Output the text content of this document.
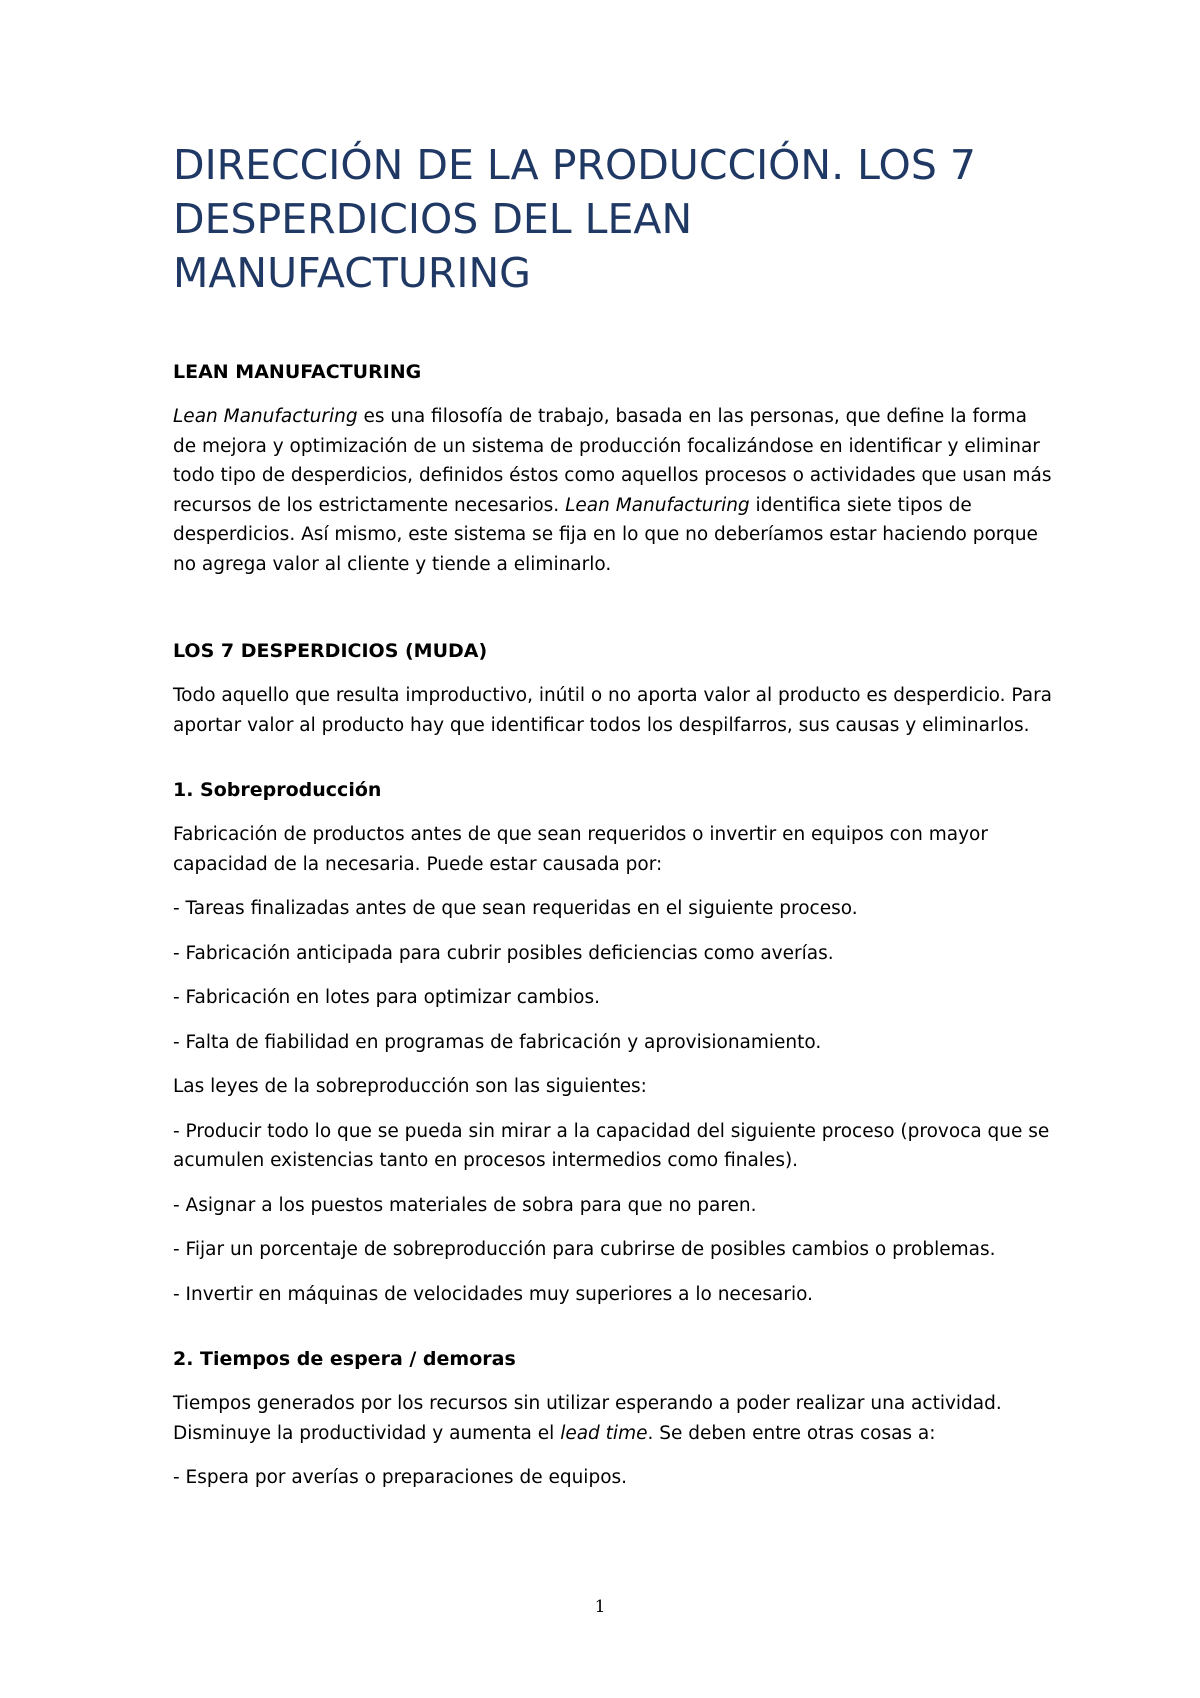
DIRECCIÓN DE LA PRODUCCIÓN. LOS 7
DESPERDICIOS DEL LEAN
MANUFACTURING
LEAN MANUFACTURING

Lean Manufacturing es una filosofía de trabajo, basada en las personas, que define la forma de mejora y optimización de un sistema de producción focalizándose en identificar y eliminar todo tipo de desperdicios, definidos éstos como aquellos procesos o actividades que usan más recursos de los estrictamente necesarios. Lean Manufacturing identifica siete tipos de desperdicios. Así mismo, este sistema se fija en lo que no deberíamos estar haciendo porque no agrega valor al cliente y tiende a eliminarlo.

LOS 7 DESPERDICIOS (MUDA)

Todo aquello que resulta improductivo, inútil o no aporta valor al producto es desperdicio. Para aportar valor al producto hay que identificar todos los despilfarros, sus causas y eliminarlos.

1. Sobreproducción

Fabricación de productos antes de que sean requeridos o invertir en equipos con mayor capacidad de la necesaria. Puede estar causada por:

- Tareas finalizadas antes de que sean requeridas en el siguiente proceso.

- Fabricación anticipada para cubrir posibles deficiencias como averías.

- Fabricación en lotes para optimizar cambios.

- Falta de fiabilidad en programas de fabricación y aprovisionamiento.

Las leyes de la sobreproducción son las siguientes:

- Producir todo lo que se pueda sin mirar a la capacidad del siguiente proceso (provoca que se acumulen existencias tanto en procesos intermedios como finales).

- Asignar a los puestos materiales de sobra para que no paren.

- Fijar un porcentaje de sobreproducción para cubrirse de posibles cambios o problemas.

- Invertir en máquinas de velocidades muy superiores a lo necesario.

2. Tiempos de espera / demoras

Tiempos generados por los recursos sin utilizar esperando a poder realizar una actividad. Disminuye la productividad y aumenta el lead time. Se deben entre otras cosas a:

- Espera por averías o preparaciones de equipos.

1
